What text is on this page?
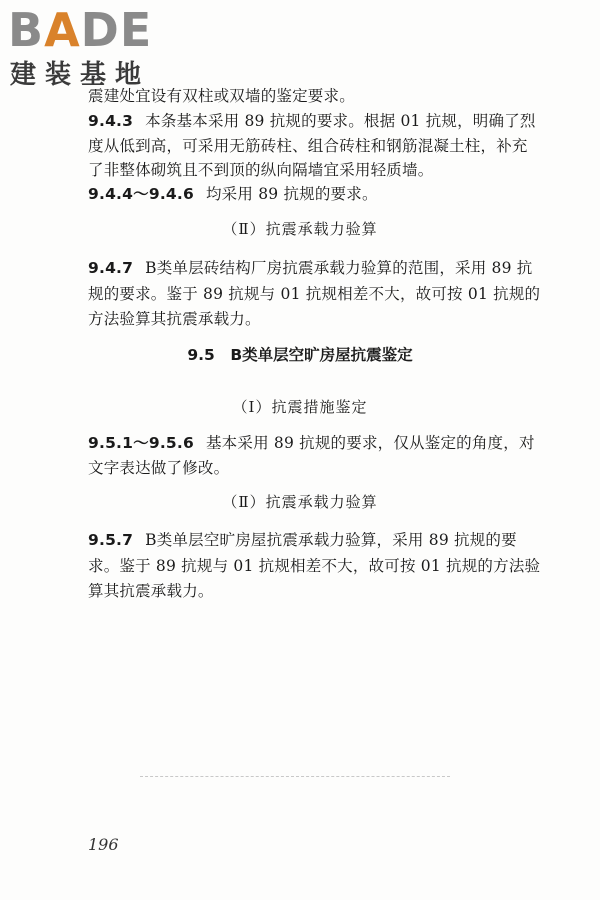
BADE
建装基地
震建处宜设有双柱或双墙的鉴定要求。
9.4.3 本条基本采用 89 抗规的要求。根据 01 抗规，明确了烈
度从低到高，可采用无筋砖柱、组合砖柱和钢筋混凝土柱，补充
了非整体砌筑且不到顶的纵向隔墙宜采用轻质墙。
9.4.4～9.4.6 均采用 89 抗规的要求。
（Ⅱ）抗震承载力验算
9.4.7 B类单层砖结构厂房抗震承载力验算的范围，采用 89 抗
规的要求。鉴于 89 抗规与 01 抗规相差不大，故可按 01 抗规的
方法验算其抗震承载力。
9.5　B类单层空旷房屋抗震鉴定
（Ⅰ）抗震措施鉴定
9.5.1～9.5.6 基本采用 89 抗规的要求，仅从鉴定的角度，对
文字表达做了修改。
（Ⅱ）抗震承载力验算
9.5.7 B类单层空旷房屋抗震承载力验算，采用 89 抗规的要
求。鉴于 89 抗规与 01 抗规相差不大，故可按 01 抗规的方法验
算其抗震承载力。
196
